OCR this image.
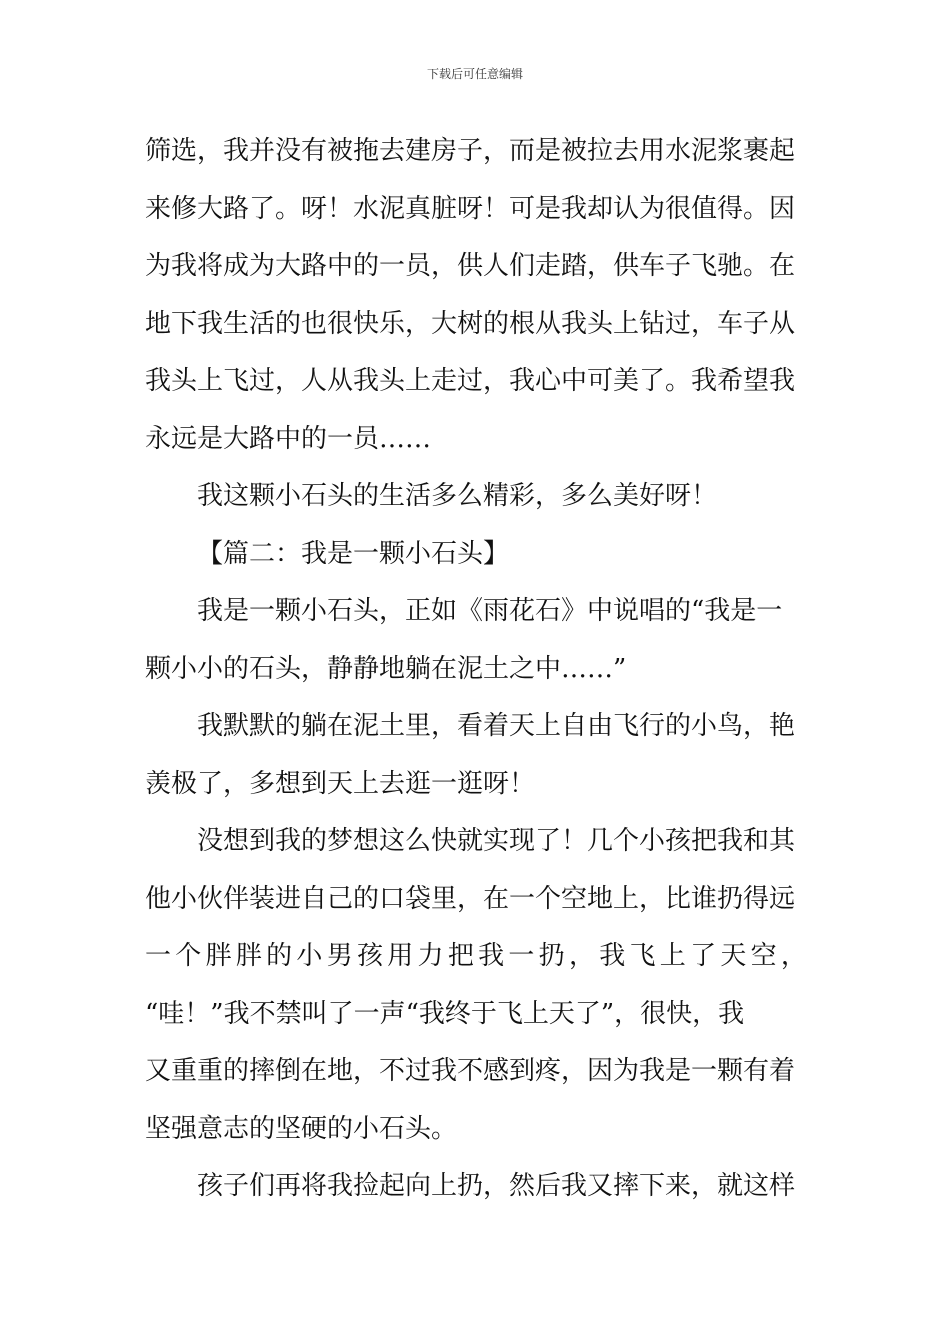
下载后可任意编辑
筛选，我并没有被拖去建房子，而是被拉去用水泥浆裹起
来修大路了。呀！水泥真脏呀！可是我却认为很值得。因
为我将成为大路中的一员，供人们走踏，供车子飞驰。在
地下我生活的也很快乐，大树的根从我头上钻过，车子从
我头上飞过，人从我头上走过，我心中可美了。我希望我
永远是大路中的一员……
我这颗小石头的生活多么精彩，多么美好呀！
【篇二：我是一颗小石头】
我是一颗小石头，正如《雨花石》中说唱的“我是一
颗小小的石头，静静地躺在泥土之中……”
我默默的躺在泥土里，看着天上自由飞行的小鸟，艳
羡极了，多想到天上去逛一逛呀！
没想到我的梦想这么快就实现了！几个小孩把我和其
他小伙伴装进自己的口袋里，在一个空地上，比谁扔得远
一 个 胖 胖 的 小 男 孩 用 力 把 我 一 扔 ， 我 飞 上 了 天 空 ，
“哇！”我不禁叫了一声“我终于飞上天了”，很快，我
又重重的摔倒在地，不过我不感到疼，因为我是一颗有着
坚强意志的坚硬的小石头。
孩子们再将我捡起向上扔，然后我又摔下来，就这样
